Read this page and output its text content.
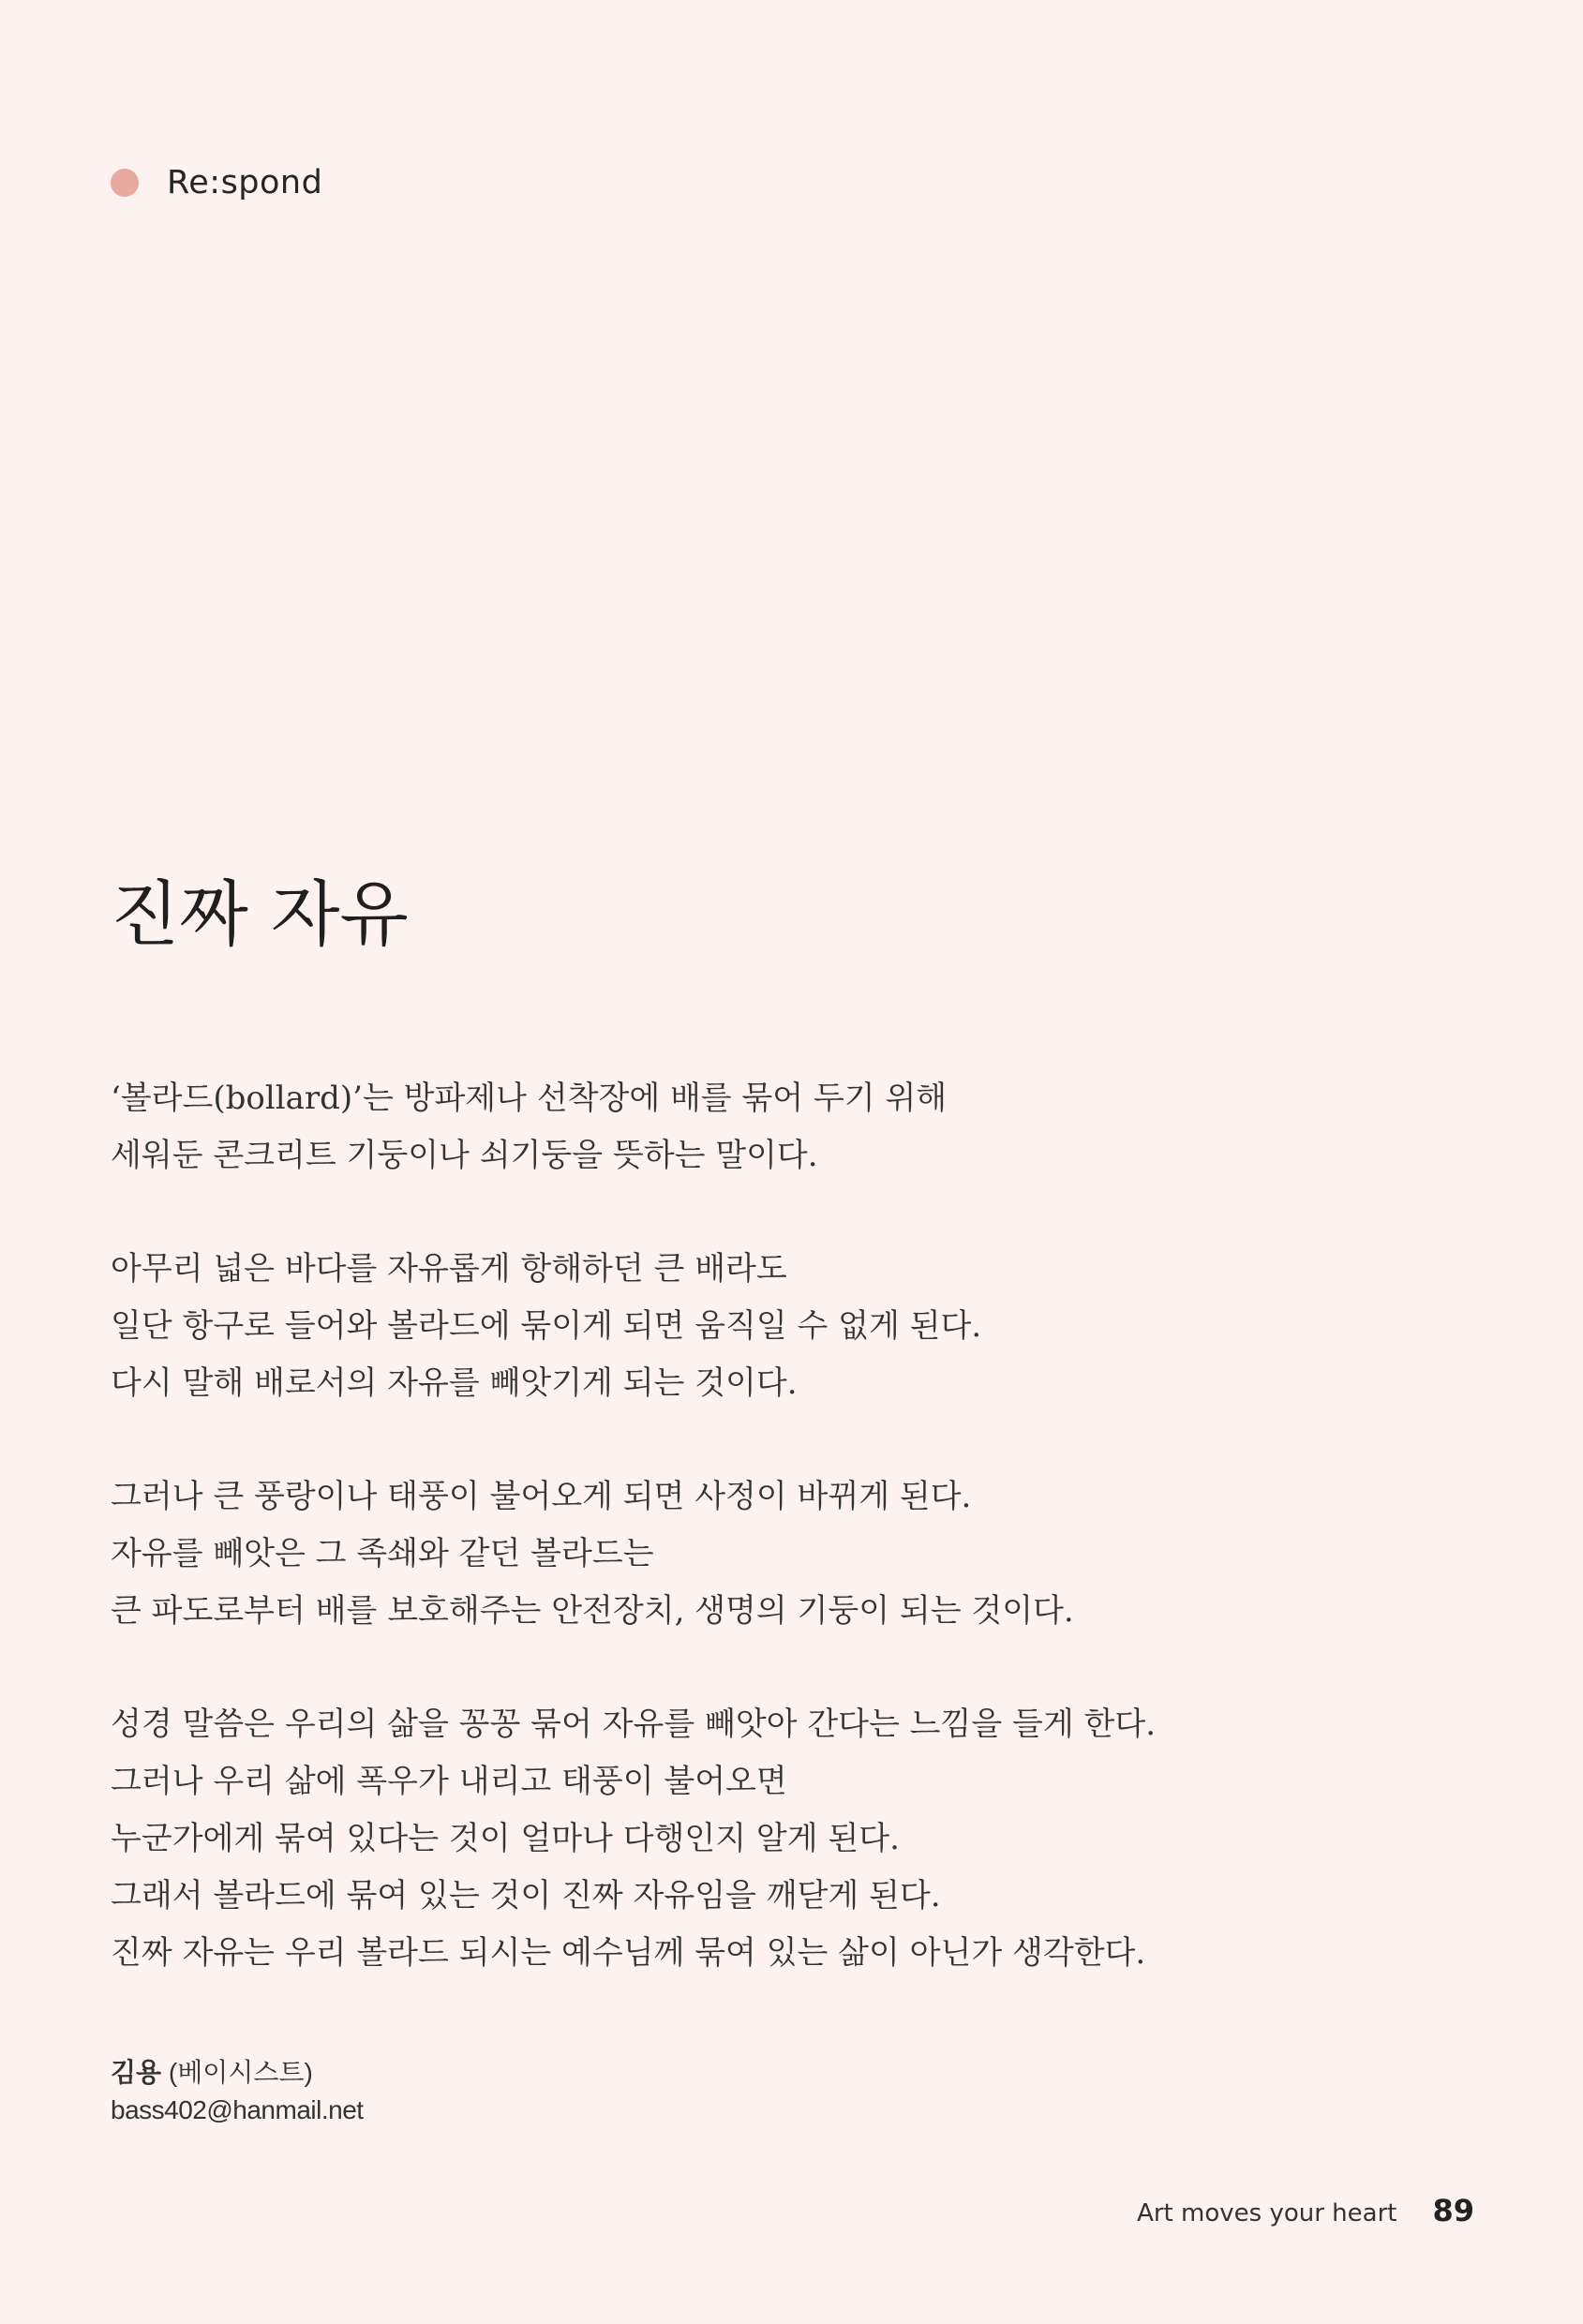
Re:spond
진짜 자유

‘볼라드(bollard)’는 방파제나 선착장에 배를 묶어 두기 위해
세워둔 콘크리트 기둥이나 쇠기둥을 뜻하는 말이다.

아무리 넓은 바다를 자유롭게 항해하던 큰 배라도
일단 항구로 들어와 볼라드에 묶이게 되면 움직일 수 없게 된다.
다시 말해 배로서의 자유를 빼앗기게 되는 것이다.

그러나 큰 풍랑이나 태풍이 불어오게 되면 사정이 바뀌게 된다.
자유를 빼앗은 그 족쇄와 같던 볼라드는
큰 파도로부터 배를 보호해주는 안전장치, 생명의 기둥이 되는 것이다.

성경 말씀은 우리의 삶을 꽁꽁 묶어 자유를 빼앗아 간다는 느낌을 들게 한다.
그러나 우리 삶에 폭우가 내리고 태풍이 불어오면
누군가에게 묶여 있다는 것이 얼마나 다행인지 알게 된다.
그래서 볼라드에 묶여 있는 것이 진짜 자유임을 깨닫게 된다.
진짜 자유는 우리 볼라드 되시는 예수님께 묶여 있는 삶이 아닌가 생각한다.

김용 (베이시스트)
bass402@hanmail.net
Art moves your heart 89
